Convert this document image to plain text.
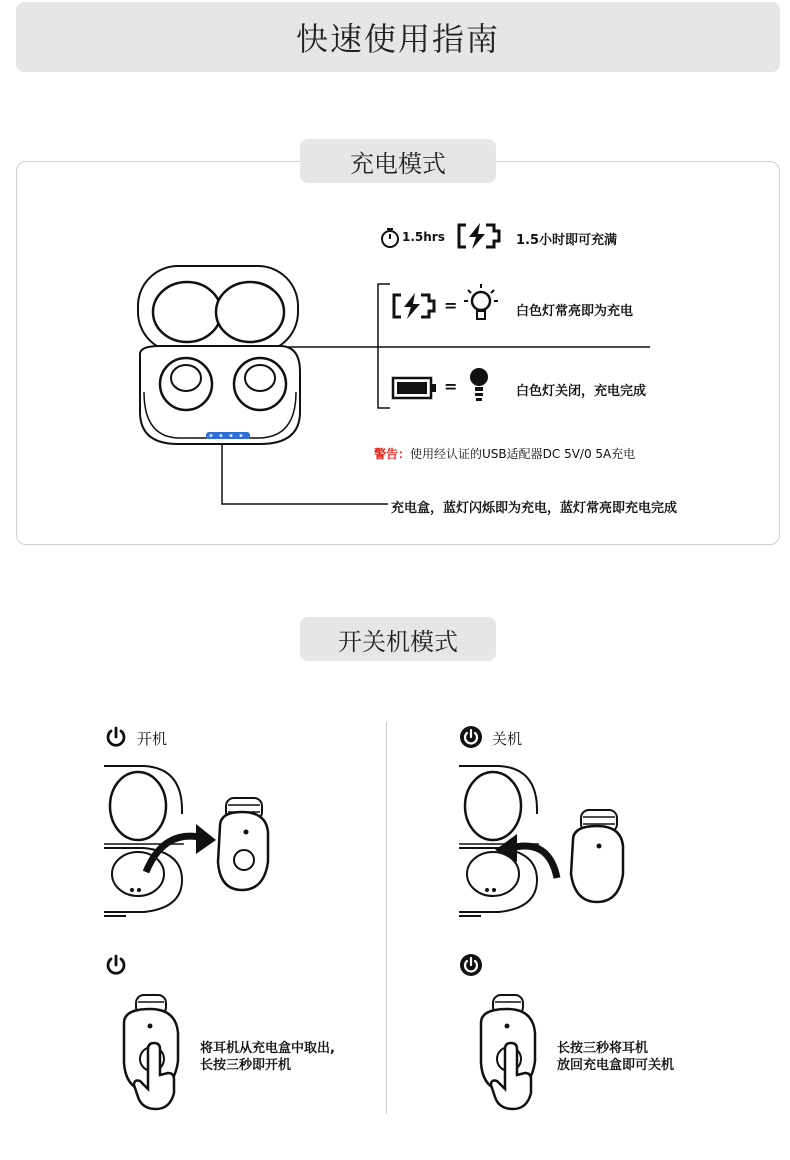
快速使用指南
充电模式
1.5hrs	1.5小时即可充满
=	白色灯常亮即为充电
=	白色灯关闭，充电完成
警告：使用经认证的USB适配器DC 5V/0 5A充电
充电盒，蓝灯闪烁即为充电，蓝灯常亮即充电完成
开关机模式
开机
将耳机从充电盒中取出,
长按三秒即开机
关机
长按三秒将耳机
放回充电盒即可关机
